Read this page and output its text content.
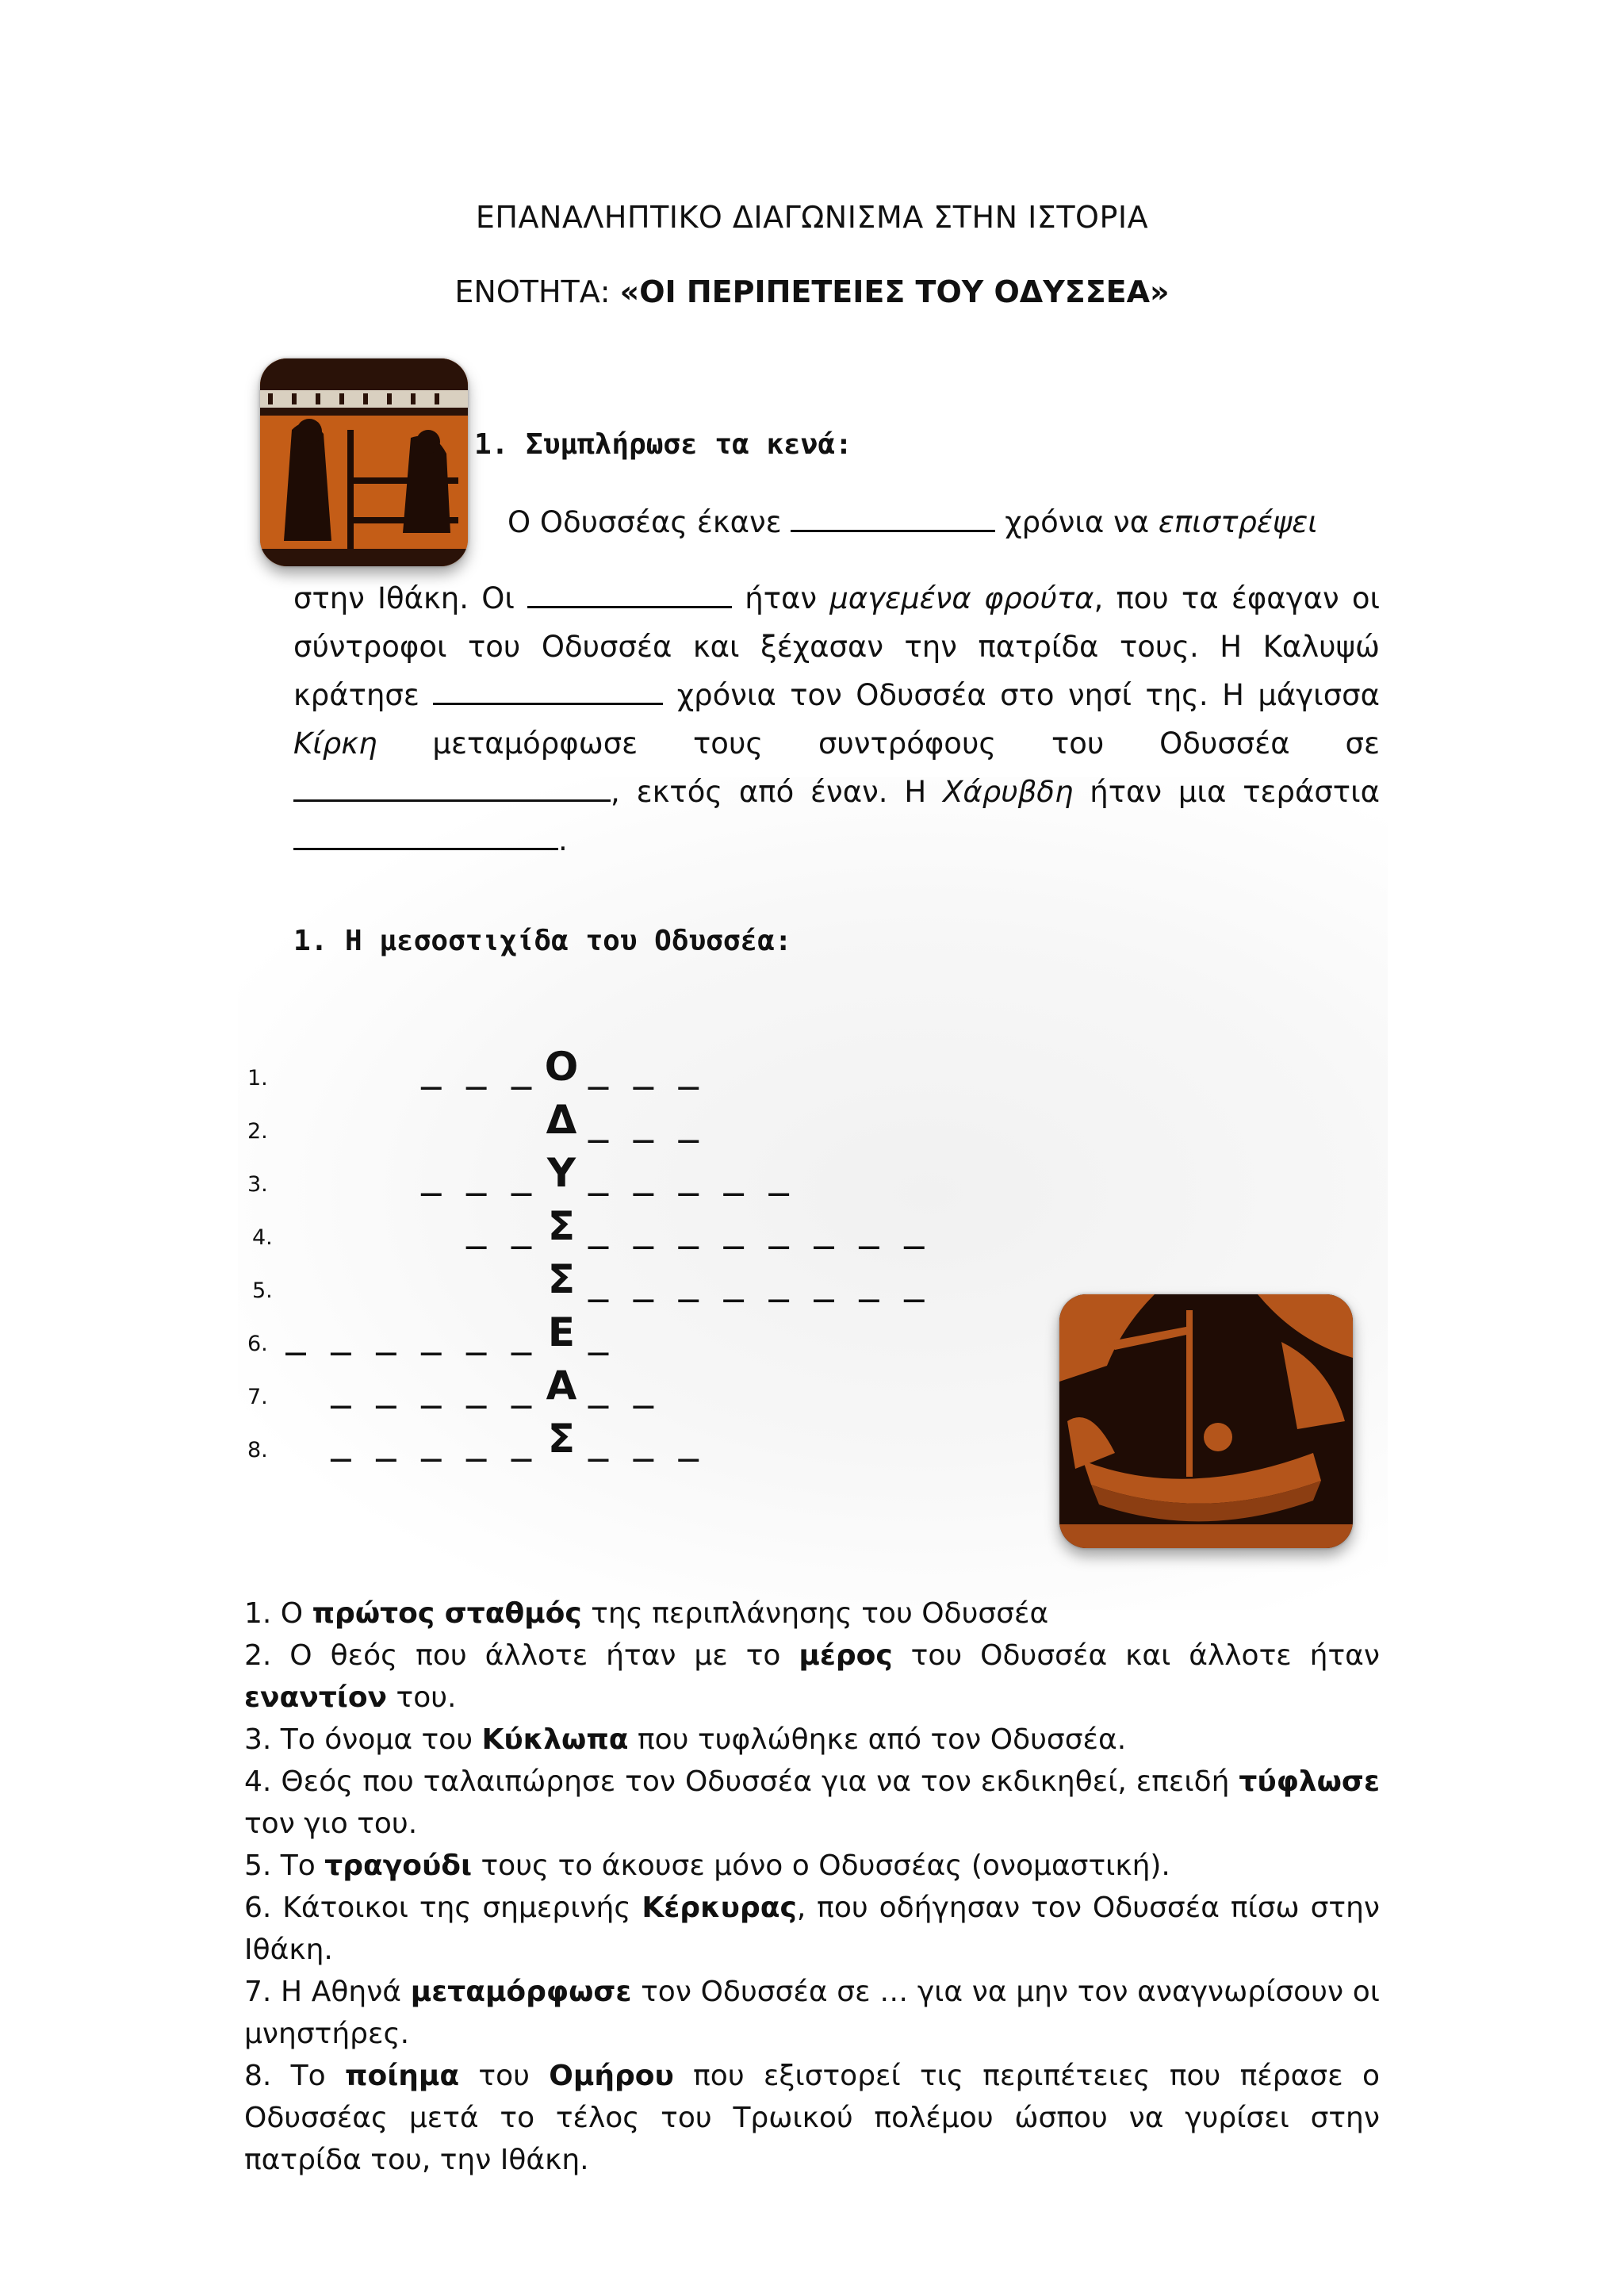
ΕΠΑΝΑΛΗΠΤΙΚΟ ΔΙΑΓΩΝΙΣΜΑ ΣΤΗΝ ΙΣΤΟΡΙΑ
ΕΝΟΤΗΤΑ: «ΟΙ ΠΕΡΙΠΕΤΕΙΕΣ ΤΟΥ ΟΔΥΣΣΕΑ»
1. Συμπλήρωσε τα κενά:
Ο Οδυσσέας έκανε	χρόνια να επιστρέψει
στην Ιθάκη. Οι	ήταν μαγεμένα φρούτα, που τα έφαγαν οι σύντροφοι του Οδυσσέα και ξέχασαν την πατρίδα τους. Η Καλυψώ κράτησε	χρόνια τον Οδυσσέα στο νησί της. Η μάγισσα Κίρκη μεταμόρφωσε τους συντρόφους του Οδυσσέα σε , εκτός από έναν. Η Χάρυβδη ήταν μια τεράστια .
1. Η μεσοστιχίδα του Οδυσσέα:
1.	_ _ _ Ο _ _ _
2.	Δ _ _ _
3.	_ _ _ Υ _ _ _ _ _
4.	_ _ Σ _ _ _ _ _ _ _ _
5.	Σ _ _ _ _ _ _ _ _
6. _ _ _ _ _ _ Ε _
7. _ _ _ _ _ Α _ _
8. _ _ _ _ _ Σ _ _ _
1. Ο πρώτος σταθμός της περιπλάνησης του Οδυσσέα
2. Ο θεός που άλλοτε ήταν με το μέρος του Οδυσσέα και άλλοτε ήταν εναντίον του.
3. Το όνομα του Κύκλωπα που τυφλώθηκε από τον Οδυσσέα.
4. Θεός που ταλαιπώρησε τον Οδυσσέα για να τον εκδικηθεί, επειδή τύφλωσε τον γιο του.
5. Το τραγούδι τους το άκουσε μόνο ο Οδυσσέας (ονομαστική).
6. Κάτοικοι της σημερινής Κέρκυρας, που οδήγησαν τον Οδυσσέα πίσω στην Ιθάκη.
7. Η Αθηνά μεταμόρφωσε τον Οδυσσέα σε … για να μην τον αναγνωρίσουν οι μνηστήρες.
8. Το ποίημα του Ομήρου που εξιστορεί τις περιπέτειες που πέρασε ο Οδυσσέας μετά το τέλος του Τρωικού πολέμου ώσπου να γυρίσει στην πατρίδα του, την Ιθάκη.
